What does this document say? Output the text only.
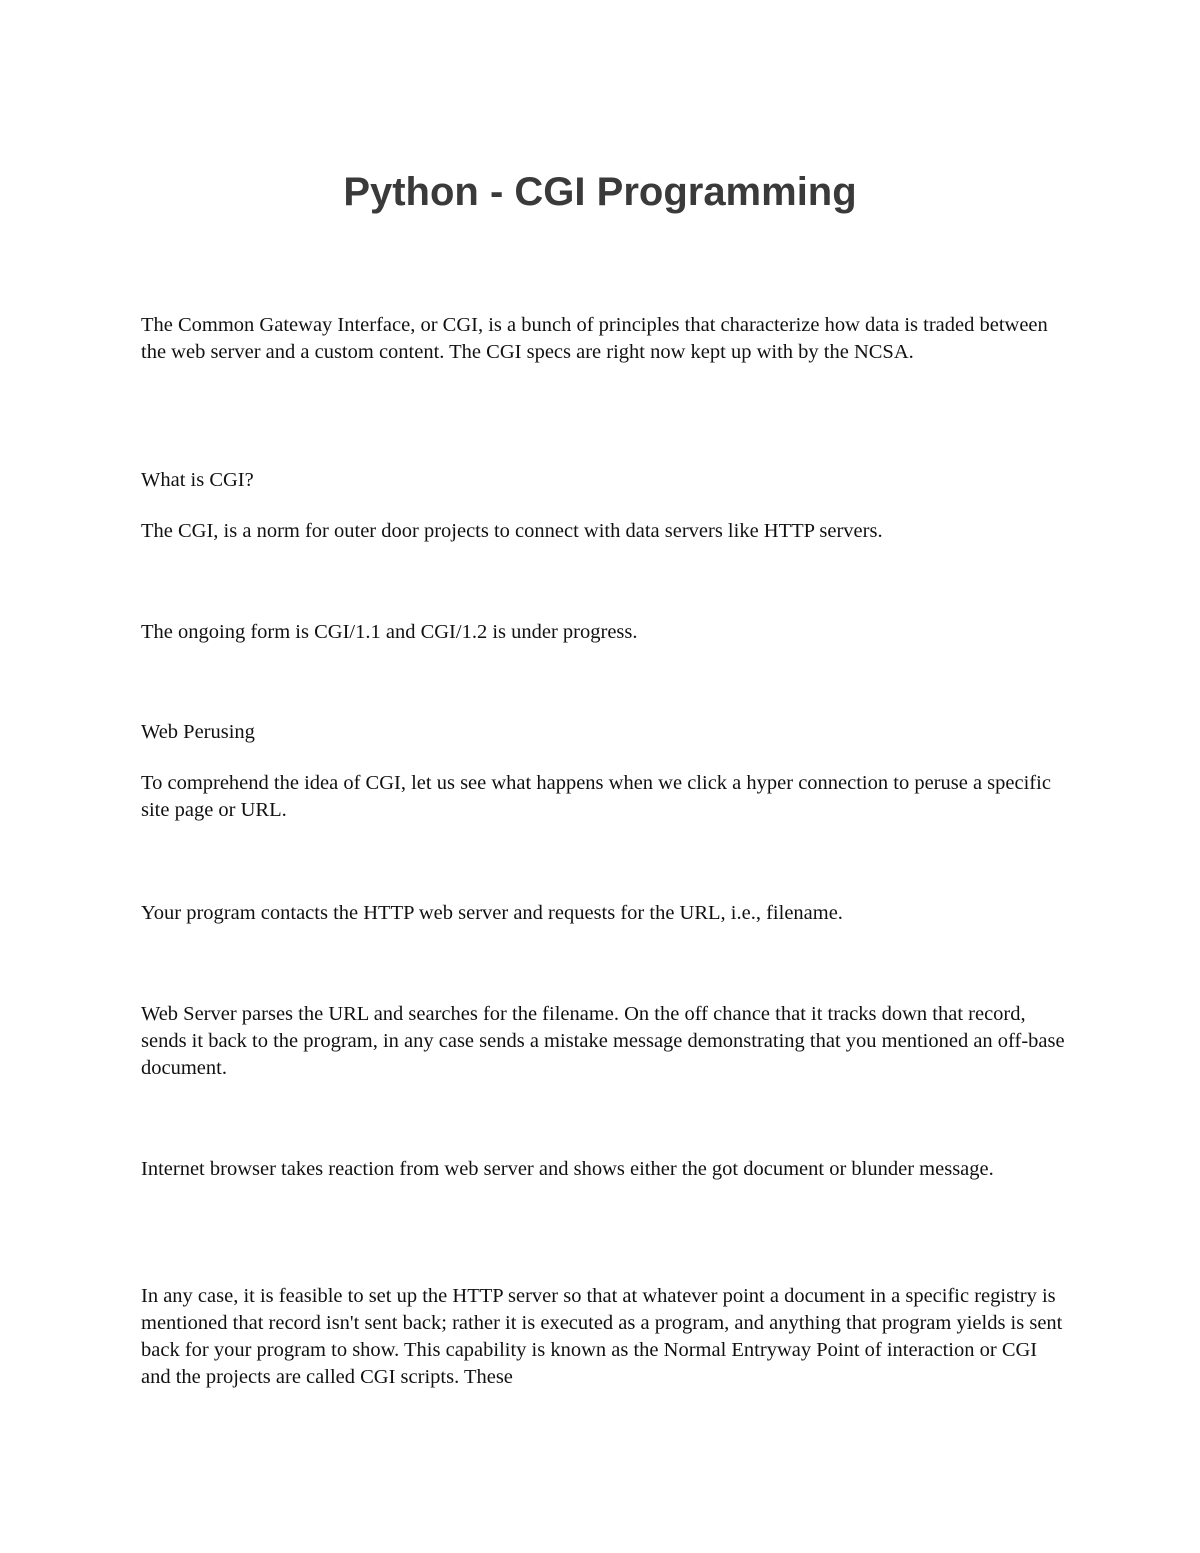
Python - CGI Programming

The Common Gateway Interface, or CGI, is a bunch of principles that characterize how data is traded between the web server and a custom content. The CGI specs are right now kept up with by the NCSA.

What is CGI?

The CGI, is a norm for outer door projects to connect with data servers like HTTP servers.

The ongoing form is CGI/1.1 and CGI/1.2 is under progress.

Web Perusing

To comprehend the idea of CGI, let us see what happens when we click a hyper connection to peruse a specific site page or URL.

Your program contacts the HTTP web server and requests for the URL, i.e., filename.

Web Server parses the URL and searches for the filename. On the off chance that it tracks down that record, sends it back to the program, in any case sends a mistake message demonstrating that you mentioned an off-base document.

Internet browser takes reaction from web server and shows either the got document or blunder message.

In any case, it is feasible to set up the HTTP server so that at whatever point a document in a specific registry is mentioned that record isn't sent back; rather it is executed as a program, and anything that program yields is sent back for your program to show. This capability is known as the Normal Entryway Point of interaction or CGI and the projects are called CGI scripts. These
